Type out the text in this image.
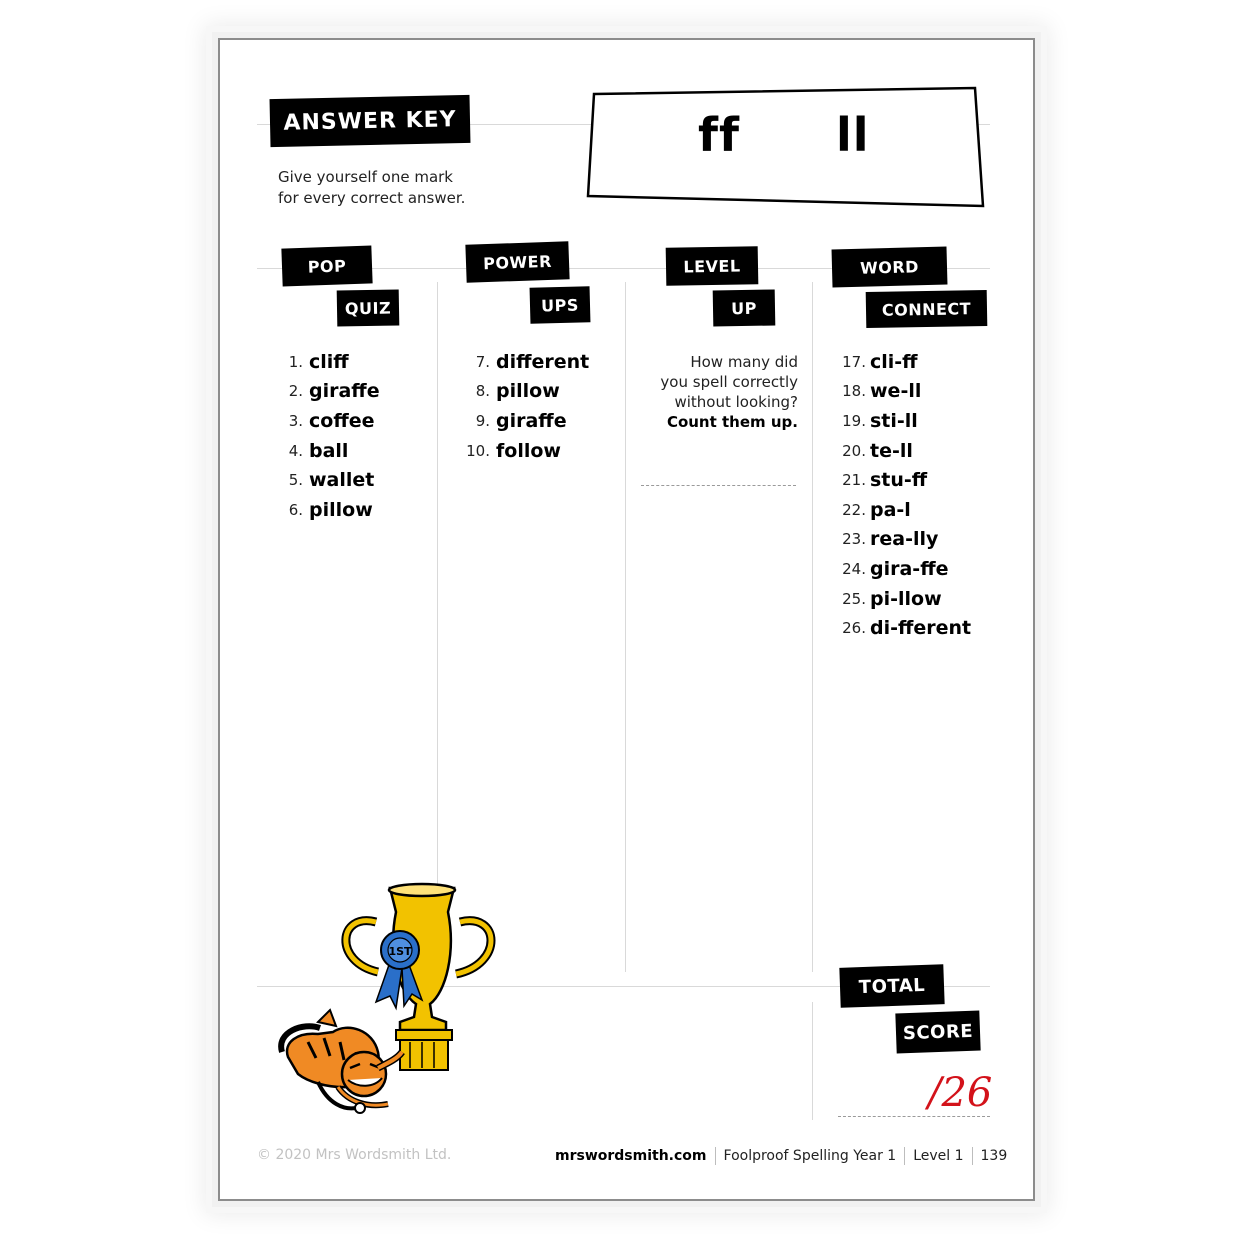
ANSWER KEY
Give yourself one mark
for every correct answer.
ff ll
POP
QUIZ
POWER
UPS
LEVEL
UP
WORD
CONNECT
1. cliff
2. giraffe
3. coffee
4. ball
5. wallet
6. pillow
7. different
8. pillow
9. giraffe
10. follow
How many did
you spell correctly
without looking?
Count them up.
17. cli-ff
18. we-ll
19. sti-ll
20. te-ll
21. stu-ff
22. pa-l
23. rea-lly
24. gira-ffe
25. pi-llow
26. di-fferent
TOTAL
SCORE
/26
1ST
© 2020 Mrs Wordsmith Ltd.	mrswordsmith.com Foolproof Spelling Year 1 Level 1 139
